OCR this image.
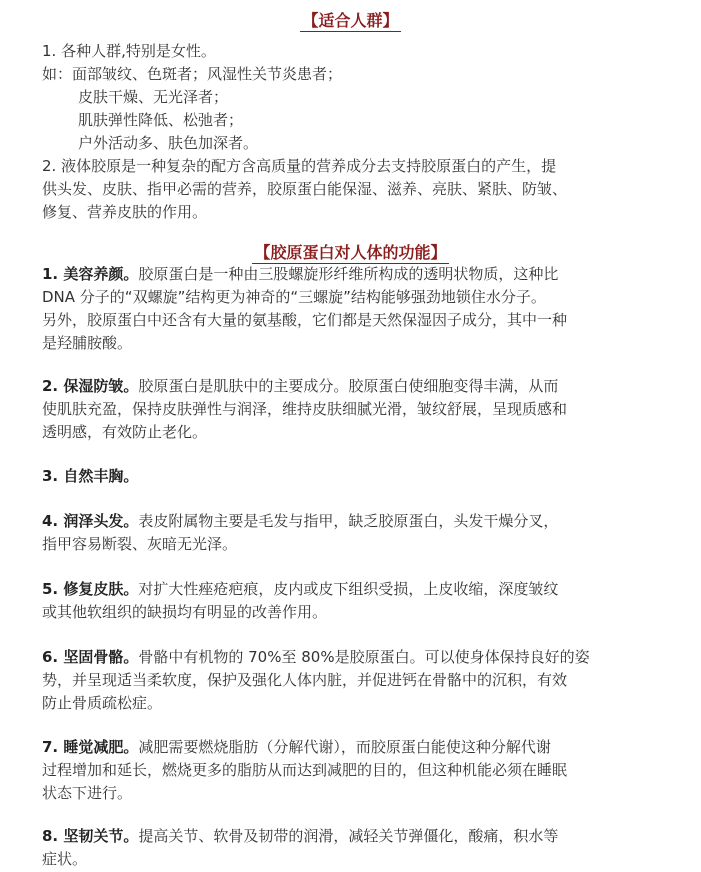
【适合人群】
1. 各种人群,特别是女性。
如：面部皱纹、色斑者；风湿性关节炎患者；
皮肤干燥、无光泽者；
肌肤弹性降低、松弛者；
户外活动多、肤色加深者。
2. 液体胶原是一种复杂的配方含高质量的营养成分去支持胶原蛋白的产生，提
供头发、皮肤、指甲必需的营养，胶原蛋白能保湿、滋养、亮肤、紧肤、防皱、
修复、营养皮肤的作用。
【胶原蛋白对人体的功能】
1. 美容养颜。胶原蛋白是一种由三股螺旋形纤维所构成的透明状物质，这种比
DNA 分子的“双螺旋”结构更为神奇的“三螺旋”结构能够强劲地锁住水分子。
另外，胶原蛋白中还含有大量的氨基酸，它们都是天然保湿因子成分，其中一种
是羟脯胺酸。
2. 保湿防皱。胶原蛋白是肌肤中的主要成分。胶原蛋白使细胞变得丰满，从而
使肌肤充盈，保持皮肤弹性与润泽，维持皮肤细腻光滑，皱纹舒展，呈现质感和
透明感，有效防止老化。
3. 自然丰胸。
4. 润泽头发。表皮附属物主要是毛发与指甲，缺乏胶原蛋白，头发干燥分叉，
指甲容易断裂、灰暗无光泽。
5. 修复皮肤。对扩大性痤疮疤痕，皮内或皮下组织受损，上皮收缩，深度皱纹
或其他软组织的缺损均有明显的改善作用。
6. 坚固骨骼。骨骼中有机物的 70%至 80%是胶原蛋白。可以使身体保持良好的姿
势，并呈现适当柔软度，保护及强化人体内脏，并促进钙在骨骼中的沉积，有效
防止骨质疏松症。
7. 睡觉减肥。减肥需要燃烧脂肪（分解代谢），而胶原蛋白能使这种分解代谢
过程增加和延长，燃烧更多的脂肪从而达到减肥的目的，但这种机能必须在睡眠
状态下进行。
8. 坚韧关节。提高关节、软骨及韧带的润滑，减轻关节弹僵化，酸痛，积水等
症状。
